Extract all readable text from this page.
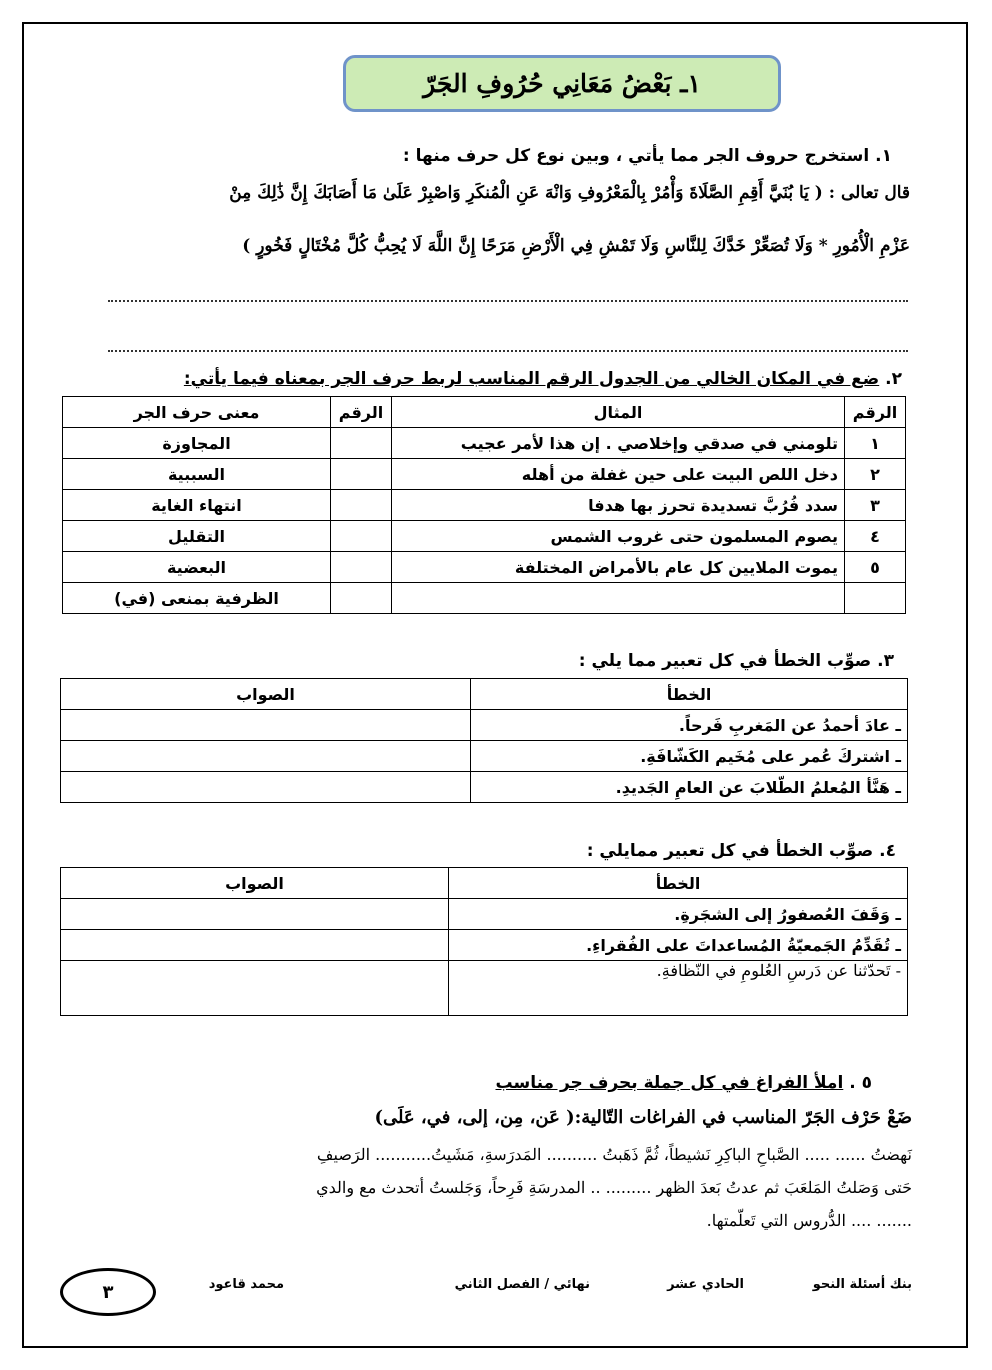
١ـ بَعْضُ مَعَانِي حُرُوفِ الجَرّ
١. استخرج حروف الجر مما يأتي ، وبين نوع كل حرف منها :
قال تعالى : ( يَا بُنَيَّ أَقِمِ الصَّلَاةَ وَأْمُرْ بِالْمَعْرُوفِ وَانْهَ عَنِ الْمُنكَرِ وَاصْبِرْ عَلَىٰ مَا أَصَابَكَ إِنَّ ذَٰلِكَ مِنْ
عَزْمِ الْأُمُورِ * وَلَا تُصَعِّرْ خَدَّكَ لِلنَّاسِ وَلَا تَمْشِ فِي الْأَرْضِ مَرَحًا إِنَّ اللَّهَ لَا يُحِبُّ كُلَّ مُخْتَالٍ فَخُورٍ )
٢. ضع في المكان الخالي من الجدول الرقم المناسب لربط حرف الجر بمعناه فيما يأتي:
الرقم	المثال	الرقم	معنى حرف الجر
١	تلومني في صدقي وإخلاصي . إن هذا لأمر عجيب		المجاوزة
٢	دخل اللص البيت على حين غفلة من أهله		السببية
٣	سدد فُرُبَّ تسديدة تحرز بها هدفا		انتهاء الغاية
٤	يصوم المسلمون حتى غروب الشمس		التقليل
٥	يموت الملايين كل عام بالأمراض المختلفة		البعضية
			الظرفية بمنعى (في)
٣. صوِّب الخطأ في كل تعبير مما يلي :
الخطأ	الصواب
ـ عادَ أحمدُ عن المَغربِ فَرحاً.	
ـ اشتركَ عُمر على مُخَيم الكَشّافَةِ.	
ـ هَنَّأ المُعلمُ الطّلابَ عن العامِ الجَديدِ.	
٤. صوِّب الخطأ في كل تعبير ممايلي :
الخطأ	الصواب
ـ وَقَفَ العُصفورُ إلى الشجَرةِ.	
ـ تُقَدِّمُ الجَمعيّةُ المُساعداتَ على الفُقراءِ.	
- تَحدّثنا عن دَرسِ العُلومِ في النّظافةِ.	
٥ . املأ الفراغ في كل جملة بحرف جر مناسب
ضَعْ حَرْف الجَرّ المناسب في الفراغات التّالية:( عَن، مِن، إلى، في، عَلَى)
نَهضتُ ...... ..... الصَّباحِ الباكِرِ نَشيطاً، ثُمَّ ذَهَبتُ .......... المَدرَسةِ، مَشَيتُ........... الرَصيفِ
حَتى وَصَلتُ المَلعَبَ ثم عدتُ بَعدَ الظهر ......... .. المدرسَةِ فَرِحاً، وَجَلستُ أتحدث مع والدي
....... .... الدُّروس التي تَعلّمتها.
بنك أسئلة النحو
الحادي عشر
نهائي / الفصل الثاني
محمد قاعود
٣
